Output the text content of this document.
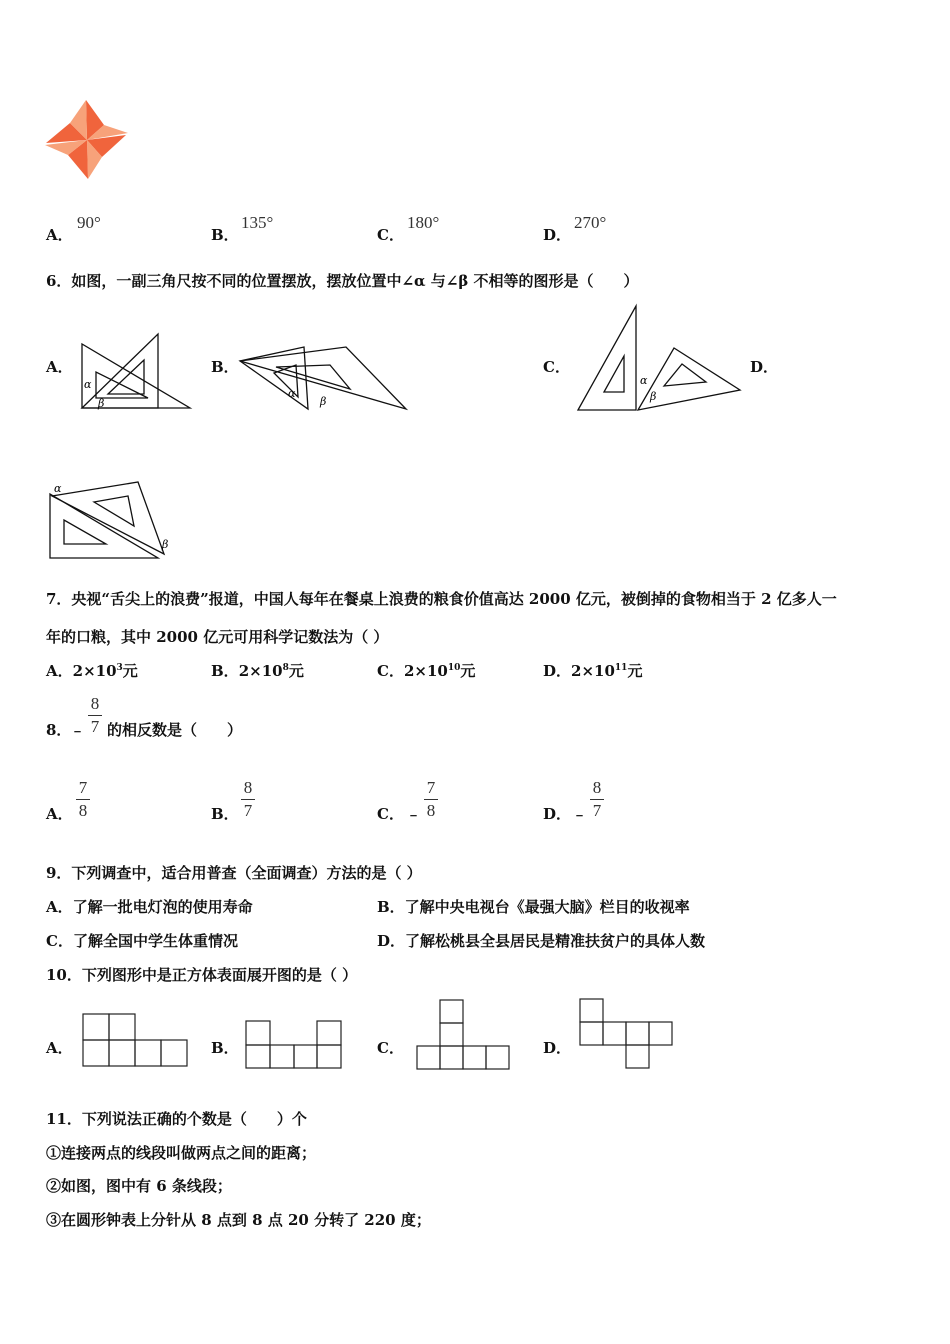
A．
90°
B．
135°
C．
180°
D．
270°
6．如图，一副三角尺按不同的位置摆放，摆放位置中∠α 与∠β 不相等的图形是（　　）
A．
α
β
B．
α
β
C．
α
β
D．
α
β
7．央视“舌尖上的浪费”报道，中国人每年在餐桌上浪费的粮食价值高达 2000 亿元，被倒掉的食物相当于 2 亿多人一
年的口粮，其中 2000 亿元可用科学记数法为（ ）
A．$2\times 10^3$元	B．$2\times 10^8$元	C．$2\times 10^{10}$元	D．$2\times 10^{11}$元
8．
﹣
8
7 的相反数是（　　）
A．
7
8	B．
8
7	C． ﹣
7
8	D． ﹣
8
7
9．下列调查中，适合用普查（全面调查）方法的是（ ）
A．了解一批电灯泡的使用寿命	B．了解中央电视台《最强大脑》栏目的收视率
C．了解全国中学生体重情况	D．了解松桃县全县居民是精准扶贫户的具体人数
10．下列图形中是正方体表面展开图的是（ ）
A．	B．	C．	D．
11．下列说法正确的个数是（　　）个
①连接两点的线段叫做两点之间的距离；
②如图，图中有 6 条线段；
③在圆形钟表上分针从 8 点到 8 点 20 分转了 220 度；
